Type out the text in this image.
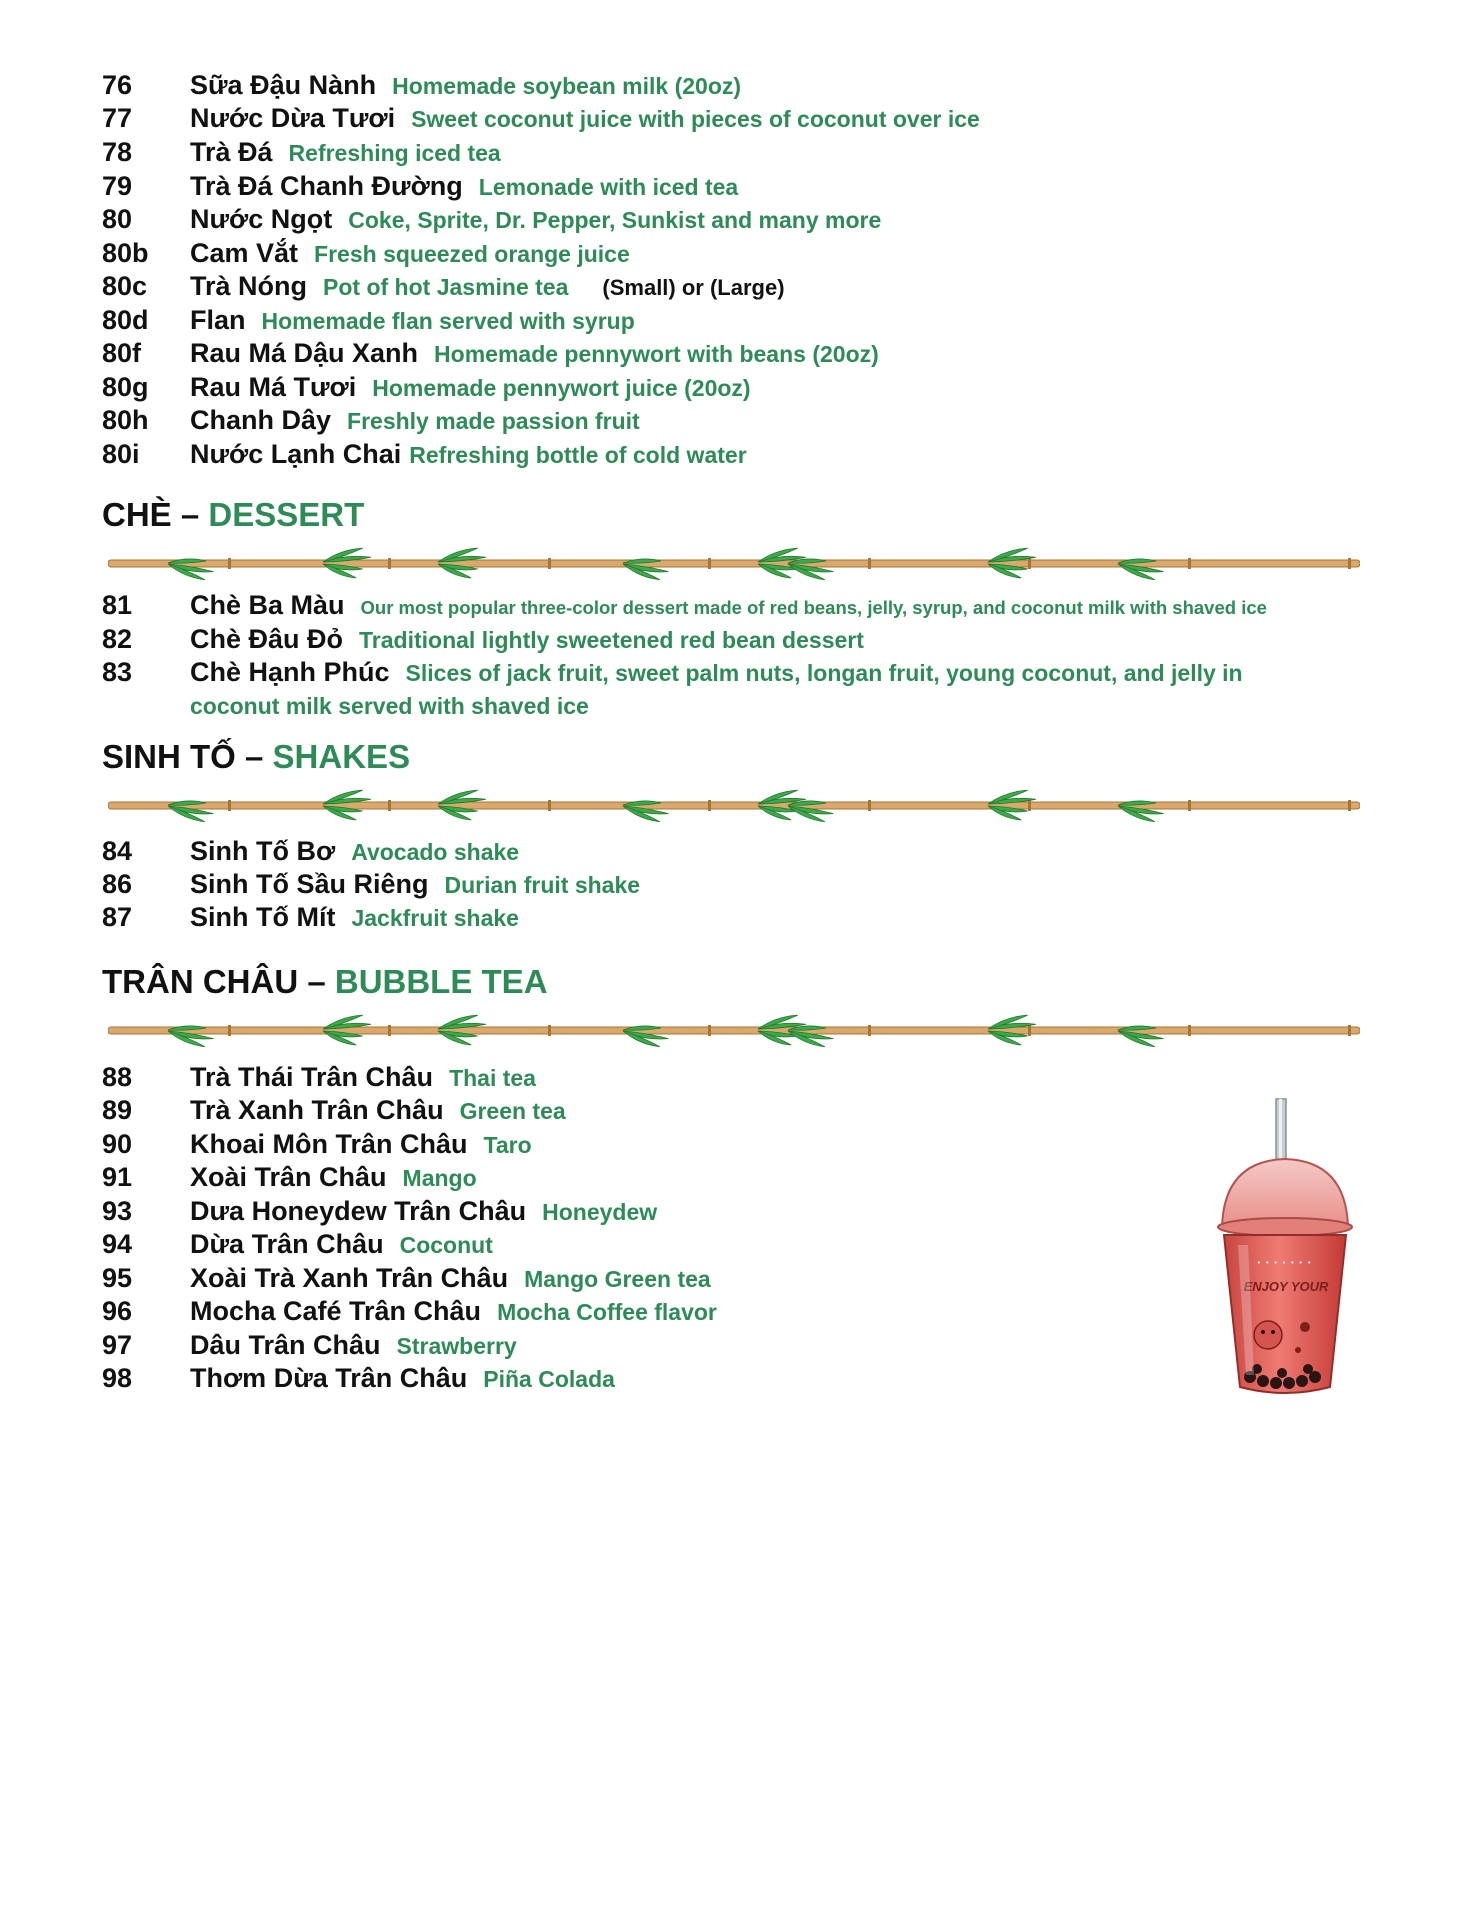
76	Sữa Đậu Nành Homemade soybean milk (20oz)
77	Nước Dừa Tươi Sweet coconut juice with pieces of coconut over ice
78	Trà Đá Refreshing iced tea
79	Trà Đá Chanh Đường Lemonade with iced tea
80	Nước Ngọt Coke, Sprite, Dr. Pepper, Sunkist and many more
80b	Cam Vắt Fresh squeezed orange juice
80c	Trà Nóng Pot of hot Jasmine tea (Small) or (Large)
80d	Flan Homemade flan served with syrup
80f	Rau Má Dậu Xanh Homemade pennywort with beans (20oz)
80g	Rau Má Tươi Homemade pennywort juice (20oz)
80h	Chanh Dây Freshly made passion fruit
80i	Nước Lạnh Chai Refreshing bottle of cold water
CHÈ – DESSERT
81	Chè Ba Màu Our most popular three-color dessert made of red beans, jelly, syrup, and coconut milk with shaved ice
82	Chè Đâu Đỏ Traditional lightly sweetened red bean dessert
83	Chè Hạnh Phúc Slices of jack fruit, sweet palm nuts, longan fruit, young coconut, and jelly in
coconut milk served with shaved ice
SINH TỐ – SHAKES
84	Sinh Tố Bơ Avocado shake
86	Sinh Tố Sầu Riêng Durian fruit shake
87	Sinh Tố Mít Jackfruit shake
TRÂN CHÂU – BUBBLE TEA
88	Trà Thái Trân Châu Thai tea
89	Trà Xanh Trân Châu Green tea
90	Khoai Môn Trân Châu Taro
91	Xoài Trân Châu Mango
93	Dưa Honeydew Trân Châu Honeydew
94	Dừa Trân Châu Coconut
95	Xoài Trà Xanh Trân Châu Mango Green tea
96	Mocha Café Trân Châu Mocha Coffee flavor
97	Dâu Trân Châu Strawberry
98	Thơm Dừa Trân Châu Piña Colada
• • • • • • •
ENJOY YOUR
